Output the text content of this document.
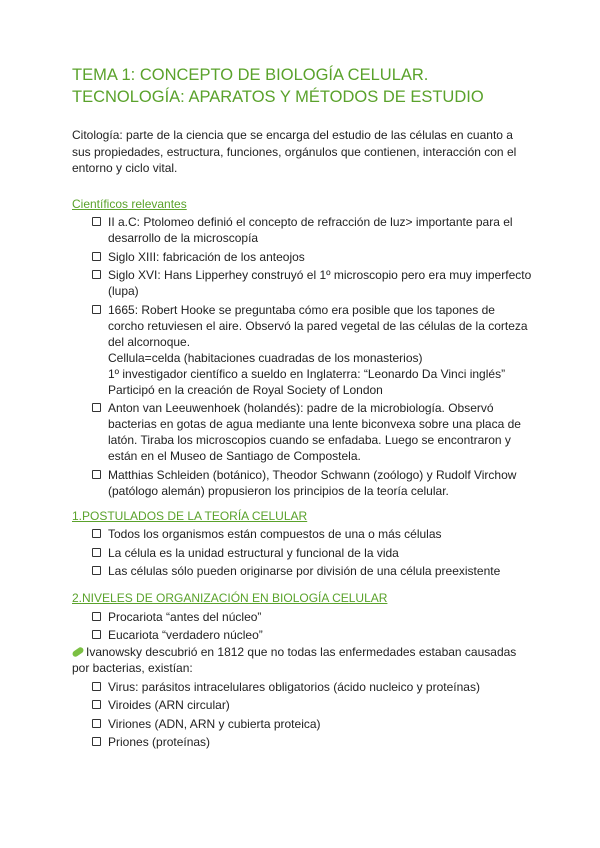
TEMA 1: CONCEPTO DE BIOLOGÍA CELULAR.
TECNOLOGÍA: APARATOS Y MÉTODOS DE ESTUDIO
Citología: parte de la ciencia que se encarga del estudio de las células en cuanto a sus propiedades, estructura, funciones, orgánulos que contienen, interacción con el entorno y ciclo vital.
Científicos relevantes
II a.C: Ptolomeo definió el concepto de refracción de luz> importante para el desarrollo de la microscopía
Siglo XIII: fabricación de los anteojos
Siglo XVI: Hans Lipperhey construyó el 1º microscopio pero era muy imperfecto (lupa)
1665: Robert Hooke se preguntaba cómo era posible que los tapones de corcho retuviesen el aire. Observó la pared vegetal de las células de la corteza del alcornoque.
Cellula=celda (habitaciones cuadradas de los monasterios)
1º investigador científico a sueldo en Inglaterra: “Leonardo Da Vinci inglés”
Participó en la creación de Royal Society of London
Anton van Leeuwenhoek (holandés): padre de la microbiología. Observó bacterias en gotas de agua mediante una lente biconvexa sobre una placa de latón. Tiraba los microscopios cuando se enfadaba. Luego se encontraron y están en el Museo de Santiago de Compostela.
Matthias Schleiden (botánico), Theodor Schwann (zoólogo) y Rudolf Virchow (patólogo alemán) propusieron los principios de la teoría celular.
1.POSTULADOS DE LA TEORÍA CELULAR
Todos los organismos están compuestos de una o más células
La célula es la unidad estructural y funcional de la vida
Las células sólo pueden originarse por división de una célula preexistente
2.NIVELES DE ORGANIZACIÓN EN BIOLOGÍA CELULAR
Procariota “antes del núcleo”
Eucariota “verdadero núcleo”
Ivanowsky descubrió en 1812 que no todas las enfermedades estaban causadas por bacterias, existían:
Virus: parásitos intracelulares obligatorios (ácido nucleico y proteínas)
Viroides (ARN circular)
Viriones (ADN, ARN y cubierta proteica)
Priones (proteínas)
